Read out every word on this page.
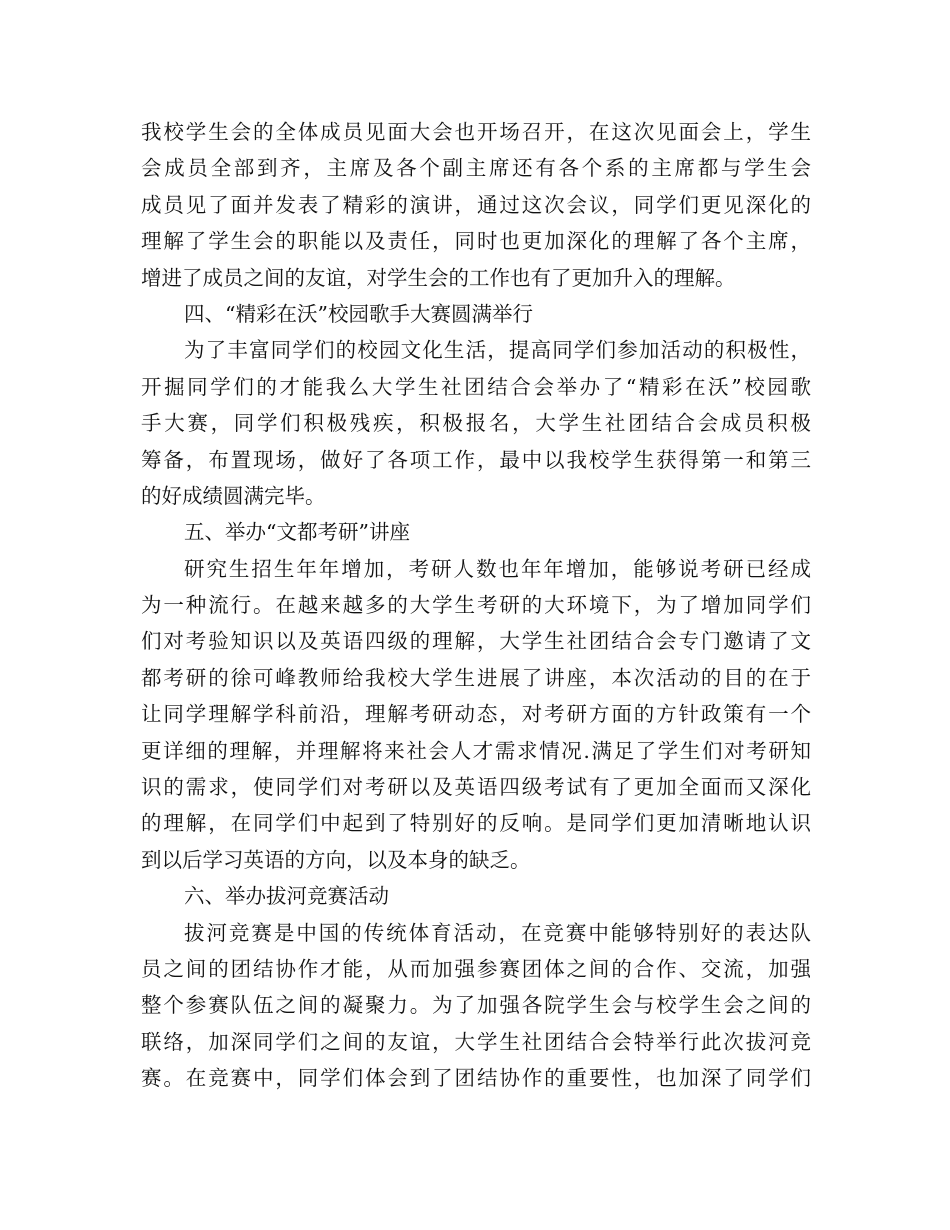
我校学生会的全体成员见面大会也开场召开，在这次见面会上，学生
会成员全部到齐，主席及各个副主席还有各个系的主席都与学生会
成员见了面并发表了精彩的演讲，通过这次会议，同学们更见深化的
理解了学生会的职能以及责任，同时也更加深化的理解了各个主席，
增进了成员之间的友谊，对学生会的工作也有了更加升入的理解。
四、“精彩在沃”校园歌手大赛圆满举行
为了丰富同学们的校园文化生活，提高同学们参加活动的积极性，
开掘同学们的才能我么大学生社团结合会举办了“精彩在沃”校园歌
手大赛，同学们积极残疾，积极报名，大学生社团结合会成员积极
筹备，布置现场，做好了各项工作，最中以我校学生获得第一和第三
的好成绩圆满完毕。
五、举办“文都考研”讲座
研究生招生年年增加，考研人数也年年增加，能够说考研已经成
为一种流行。在越来越多的大学生考研的大环境下，为了增加同学们
们对考验知识以及英语四级的理解，大学生社团结合会专门邀请了文
都考研的徐可峰教师给我校大学生进展了讲座，本次活动的目的在于
让同学理解学科前沿，理解考研动态，对考研方面的方针政策有一个
更详细的理解，并理解将来社会人才需求情况.满足了学生们对考研知
识的需求，使同学们对考研以及英语四级考试有了更加全面而又深化
的理解，在同学们中起到了特别好的反响。是同学们更加清晰地认识
到以后学习英语的方向，以及本身的缺乏。
六、举办拔河竞赛活动
拔河竞赛是中国的传统体育活动，在竞赛中能够特别好的表达队
员之间的团结协作才能，从而加强参赛团体之间的合作、交流，加强
整个参赛队伍之间的凝聚力。为了加强各院学生会与校学生会之间的
联络，加深同学们之间的友谊，大学生社团结合会特举行此次拔河竞
赛。在竞赛中，同学们体会到了团结协作的重要性，也加深了同学们
